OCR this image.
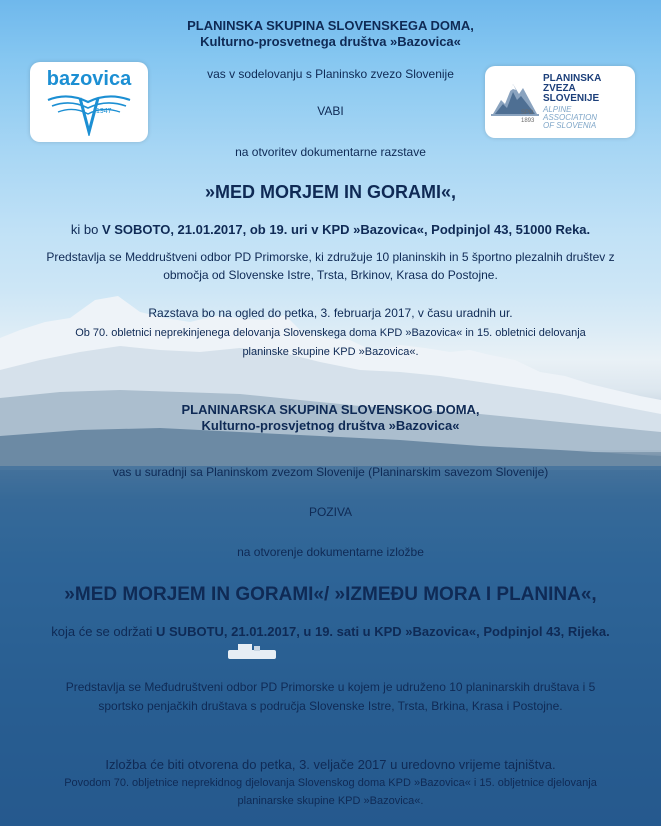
bazovica
1947
PLANINSKA
ZVEZA
SLOVENIJE
ALPINE
ASSOCIATION
OF SLOVENIA
SPD
1893
PLANINSKA SKUPINA SLOVENSKEGA DOMA,
Kulturno-prosvetnega društva »Bazovica«
vas v sodelovanju s Planinsko zvezo Slovenije
VABI
na otvoritev dokumentarne razstave
»MED MORJEM IN GORAMI«,
ki bo V SOBOTO, 21.01.2017, ob 19. uri v KPD »Bazovica«, Podpinjol 43, 51000 Reka.
Predstavlja se Meddruštveni odbor PD Primorske, ki združuje 10 planinskih in 5 športno plezalnih društev z
območja od Slovenske Istre, Trsta, Brkinov, Krasa do Postojne.
Razstava bo na ogled do petka, 3. februarja 2017, v času uradnih ur.
Ob 70. obletnici neprekinjenega delovanja Slovenskega doma KPD »Bazovica« in 15. obletnici delovanja
planinske skupine KPD »Bazovica«.
PLANINARSKA SKUPINA SLOVENSKOG DOMA,
Kulturno-prosvjetnog društva »Bazovica«
vas u suradnji sa Planinskom zvezom Slovenije (Planinarskim savezom Slovenije)
POZIVA
na otvorenje dokumentarne izložbe
»MED MORJEM IN GORAMI«/ »IZMEĐU MORA I PLANINA«,
koja će se održati U SUBOTU, 21.01.2017, u 19. sati u KPD »Bazovica«, Podpinjol 43, Rijeka.
Predstavlja se Međudruštveni odbor PD Primorske u kojem je udruženo 10 planinarskih društava i 5
sportsko penjačkih društava s područja Slovenske Istre, Trsta, Brkina, Krasa i Postojne.
Izložba će biti otvorena do petka, 3. veljače 2017 u uredovno vrijeme tajništva.
Povodom 70. obljetnice neprekidnog djelovanja Slovenskog doma KPD »Bazovica« i 15. obljetnice djelovanja
planinarske skupine KPD »Bazovica«.
